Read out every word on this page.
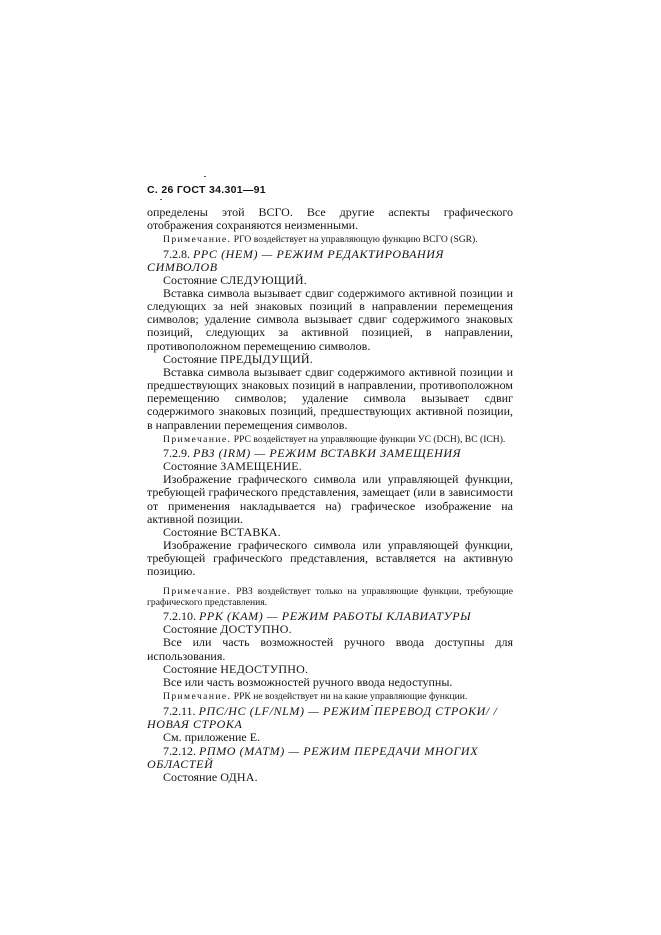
С. 26 ГОСТ 34.301—91

определены этой ВСГО. Все другие аспекты графического отображения сохраняются неизменными.

Примечание. РГО воздействует на управляющую функцию ВСГО (SGR).

7.2.8. РРС (НЕМ) — РЕЖИМ РЕДАКТИРОВАНИЯ СИМВОЛОВ

Состояние СЛЕДУЮЩИЙ.

Вставка символа вызывает сдвиг содержимого активной позиции и следующих за ней знаковых позиций в направлении перемещения символов; удаление символа вызывает сдвиг содержимого знаковых позиций, следующих за активной позицией, в направлении, противоположном перемещению символов.

Состояние ПРЕДЫДУЩИЙ.

Вставка символа вызывает сдвиг содержимого активной позиции и предшествующих знаковых позиций в направлении, противоположном перемещению символов; удаление символа вызывает сдвиг содержимого знаковых позиций, предшествующих активной позиции, в направлении перемещения символов.

Примечание. РРС воздействует на управляющие функции УС (DCH), ВС (ICH).

7.2.9. РВЗ (IRM) — РЕЖИМ ВСТАВКИ ЗАМЕЩЕНИЯ

Состояние ЗАМЕЩЕНИЕ.

Изображение графического символа или управляющей функции, требующей графического представления, замещает (или в зависимости от применения накладывается на) графическое изображение на активной позиции.

Состояние ВСТАВКА.

Изображение графического символа или управляющей функции, требующей графического представления, вставляется на активную позицию.

Примечание. РВЗ воздействует только на управляющие функции, требующие графического представления.

7.2.10. РРК (КАМ) — РЕЖИМ РАБОТЫ КЛАВИАТУРЫ

Состояние ДОСТУПНО.

Все или часть возможностей ручного ввода доступны для использования.

Состояние НЕДОСТУПНО.

Все или часть возможностей ручного ввода недоступны.

Примечание. РРК не воздействует ни на какие управляющие функции.

7.2.11. РПС/НС (LF/NLM) — РЕЖИМ ПЕРЕВОД СТРОКИ/ /НОВАЯ СТРОКА

См. приложение Е.

7.2.12. РПМО (МАТМ) — РЕЖИМ ПЕРЕДАЧИ МНОГИХ ОБЛАСТЕЙ

Состояние ОДНА.
